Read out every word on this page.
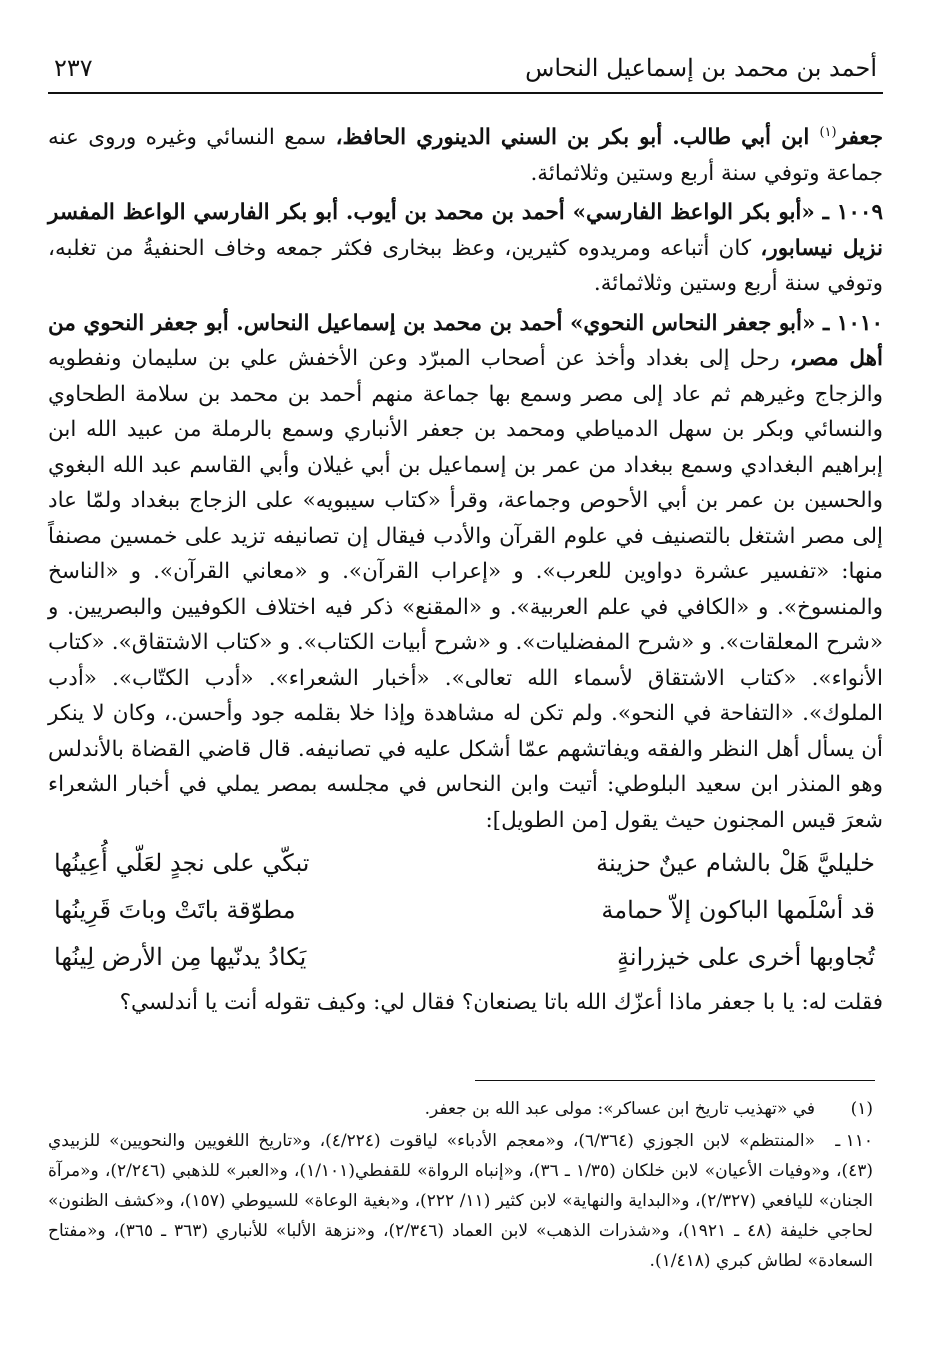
٢٣٧	أحمد بن محمد بن إسماعيل النحاس

جعفر$^{(١)}$ ابن أبي طالب. أبو بكر بن السني الدينوري الحافظ، سمع النسائي وغيره وروى عنه جماعة وتوفي سنة أربع وستين وثلاثمائة.

١٠٠٩ ـ «أبو بكر الواعظ الفارسي» أحمد بن محمد بن أيوب. أبو بكر الفارسي الواعظ المفسر نزيل نيسابور، كان أتباعه ومريدوه كثيرين، وعظ ببخارى فكثر جمعه وخاف الحنفيةُ من تغلبه، وتوفي سنة أربع وستين وثلاثمائة.

١٠١٠ ـ «أبو جعفر النحاس النحوي» أحمد بن محمد بن إسماعيل النحاس. أبو جعفر النحوي من أهل مصر، رحل إلى بغداد وأخذ عن أصحاب المبرّد وعن الأخفش علي بن سليمان ونفطويه والزجاج وغيرهم ثم عاد إلى مصر وسمع بها جماعة منهم أحمد بن محمد بن سلامة الطحاوي والنسائي وبكر بن سهل الدمياطي ومحمد بن جعفر الأنباري وسمع بالرملة من عبيد الله ابن إبراهيم البغدادي وسمع ببغداد من عمر بن إسماعيل بن أبي غيلان وأبي القاسم عبد الله البغوي والحسين بن عمر بن أبي الأحوص وجماعة، وقرأ «كتاب سيبويه» على الزجاج ببغداد ولمّا عاد إلى مصر اشتغل بالتصنيف في علوم القرآن والأدب فيقال إن تصانيفه تزيد على خمسين مصنفاً منها: «تفسير عشرة دواوين للعرب». و «إعراب القرآن». و «معاني القرآن». و «الناسخ والمنسوخ». و «الكافي في علم العربية». و «المقنع» ذكر فيه اختلاف الكوفيين والبصريين. و «شرح المعلقات». و «شرح المفضليات». و «شرح أبيات الكتاب». و «كتاب الاشتقاق». «كتاب الأنواء». «كتاب الاشتقاق لأسماء الله تعالى». «أخبار الشعراء». «أدب الكتّاب». «أدب الملوك». «التفاحة في النحو». ولم تكن له مشاهدة وإذا خلا بقلمه جود وأحسن.، وكان لا ينكر أن يسأل أهل النظر والفقه ويفاتشهم عمّا أشكل عليه في تصانيفه. قال قاضي القضاة بالأندلس وهو المنذر ابن سعيد البلوطي: أتيت وابن النحاس في مجلسه بمصر يملي في أخبار الشعراء شعرَ قيس المجنون حيث يقول [من الطويل]:

خليليَّ هَلْ بالشام عينٌ حزينة
تبكّي على نجدٍ لعَلّي أُعِينُها
قد أسْلَمها الباكون إلاّ حمامة
مطوّقة باتَتْ وباتَ قَرِينُها
تُجاوبها أخرى على خيزرانةٍ
يَكادُ يدنّيها مِن الأرض لِينُها

فقلت له: يا با جعفر ماذا أعزّك الله باتا يصنعان؟ فقال لي: وكيف تقوله أنت يا أندلسي؟

(١)في «تهذيب تاريخ ابن عساكر»: مولى عبد الله بن جعفر.
١١٠ ـ«المنتظم» لابن الجوزي (٦/٣٦٤)، و«معجم الأدباء» لياقوت (٤/٢٢٤)، و«تاريخ اللغويين والنحويين» للزبيدي (٤٣)، و«وفيات الأعيان» لابن خلكان (١/٣٥ ـ ٣٦)، و«إنباه الرواة» للقفطي(١/١٠١)، و«العبر» للذهبي (٢/٢٤٦)، و«مرآة الجنان» لليافعي (٢/٣٢٧)، و«البداية والنهاية» لابن كثير (١١/ ٢٢٢)، و«بغية الوعاة» للسيوطي (١٥٧)، و«كشف الظنون» لحاجي خليفة (٤٨ ـ ١٩٢١)، و«شذرات الذهب» لابن العماد (٢/٣٤٦)، و«نزهة الألبا» للأنباري (٣٦٣ ـ ٣٦٥)، و«مفتاح السعادة» لطاش كبري (١/٤١٨).
